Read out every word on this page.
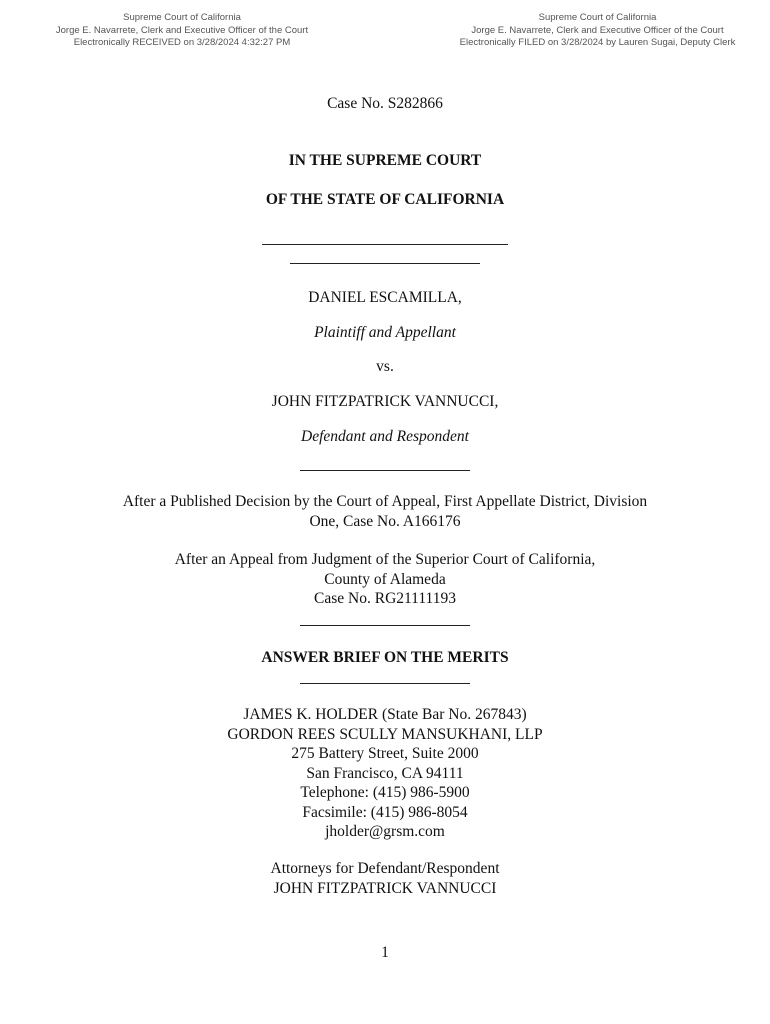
Supreme Court of California
Jorge E. Navarrete, Clerk and Executive Officer of the Court
Electronically RECEIVED on 3/28/2024 4:32:27 PM
Supreme Court of California
Jorge E. Navarrete, Clerk and Executive Officer of the Court
Electronically FILED on 3/28/2024 by Lauren Sugai, Deputy Clerk
Case No. S282866
IN THE SUPREME COURT
OF THE STATE OF CALIFORNIA
DANIEL ESCAMILLA,
Plaintiff and Appellant
vs.
JOHN FITZPATRICK VANNUCCI,
Defendant and Respondent
After a Published Decision by the Court of Appeal, First Appellate District, Division
One, Case No. A166176
After an Appeal from Judgment of the Superior Court of California,
County of Alameda
Case No. RG21111193
ANSWER BRIEF ON THE MERITS
JAMES K. HOLDER (State Bar No. 267843)
GORDON REES SCULLY MANSUKHANI, LLP
275 Battery Street, Suite 2000
San Francisco, CA 94111
Telephone: (415) 986-5900
Facsimile: (415) 986-8054
jholder@grsm.com
Attorneys for Defendant/Respondent
JOHN FITZPATRICK VANNUCCI
1
